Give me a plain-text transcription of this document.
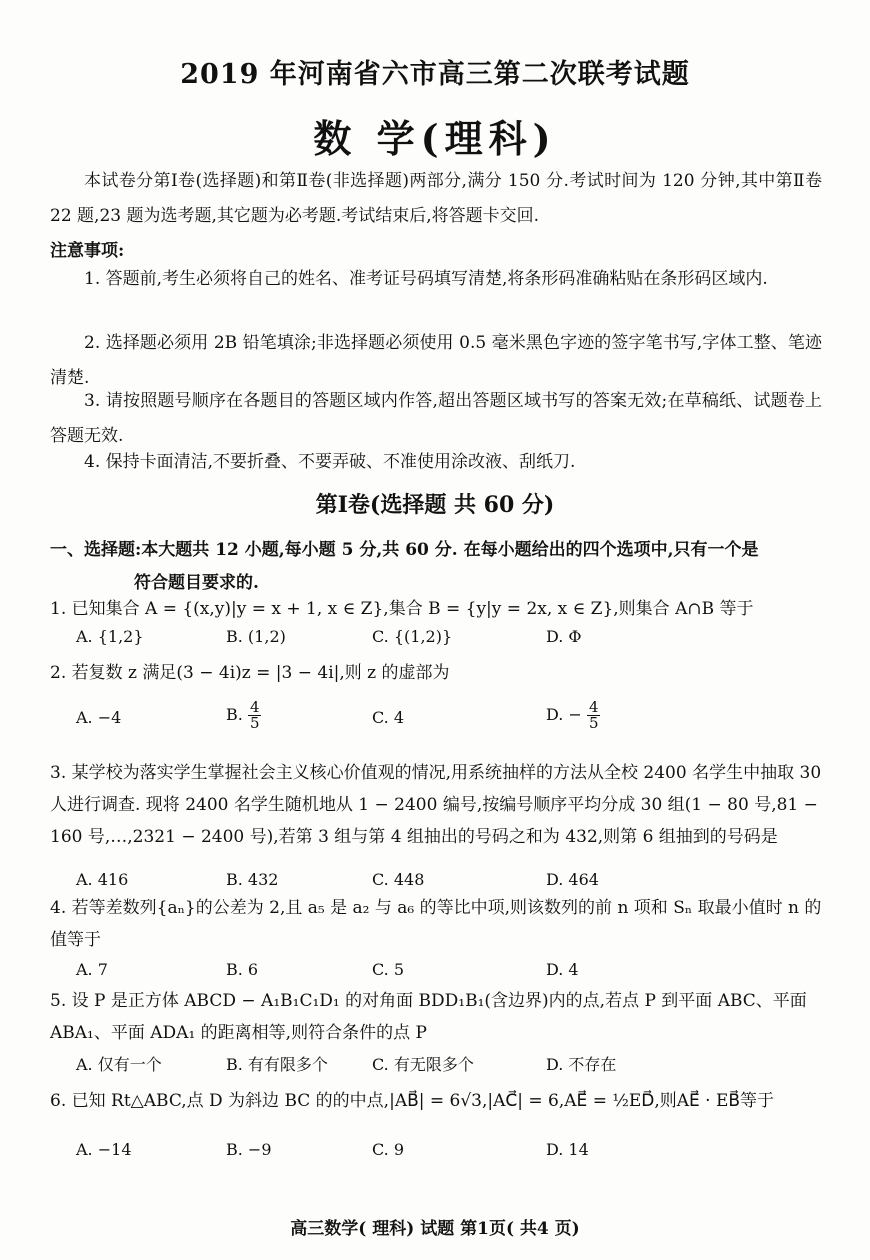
2019 年河南省六市高三第二次联考试题
数 学(理科)
本试卷分第Ⅰ卷(选择题)和第Ⅱ卷(非选择题)两部分,满分 150 分.考试时间为 120 分钟,其中第Ⅱ卷 22 题,23 题为选考题,其它题为必考题.考试结束后,将答题卡交回.
注意事项:
1. 答题前,考生必须将自己的姓名、准考证号码填写清楚,将条形码准确粘贴在条形码区域内.
2. 选择题必须用 2B 铅笔填涂;非选择题必须使用 0.5 毫米黑色字迹的签字笔书写,字体工整、笔迹清楚.
3. 请按照题号顺序在各题目的答题区域内作答,超出答题区域书写的答案无效;在草稿纸、试题卷上答题无效.
4. 保持卡面清洁,不要折叠、不要弄破、不准使用涂改液、刮纸刀.
第Ⅰ卷(选择题 共 60 分)
一、选择题:本大题共 12 小题,每小题 5 分,共 60 分. 在每小题给出的四个选项中,只有一个是
符合题目要求的.
1. 已知集合 A = {(x,y)|y = x + 1, x ∈ Z},集合 B = {y|y = 2x, x ∈ Z},则集合 A∩B 等于
A. {1,2}	B. (1,2)	C. {(1,2)}	D. Φ
2. 若复数 z 满足(3 − 4i)z = |3 − 4i|,则 z 的虚部为
A. −4	B. $\frac{4}{5}$	C. 4	D. − $\frac{4}{5}$
3. 某学校为落实学生掌握社会主义核心价值观的情况,用系统抽样的方法从全校 2400 名学生中抽取 30 人进行调查. 现将 2400 名学生随机地从 1 − 2400 编号,按编号顺序平均分成 30 组(1 − 80 号,81 − 160 号,…,2321 − 2400 号),若第 3 组与第 4 组抽出的号码之和为 432,则第 6 组抽到的号码是
A. 416	B. 432	C. 448	D. 464
4. 若等差数列{aₙ}的公差为 2,且 a₅ 是 a₂ 与 a₆ 的等比中项,则该数列的前 n 项和 Sₙ 取最小值时 n 的值等于
A. 7	B. 6	C. 5	D. 4
5. 设 P 是正方体 ABCD − A₁B₁C₁D₁ 的对角面 BDD₁B₁(含边界)内的点,若点 P 到平面 ABC、平面 ABA₁、平面 ADA₁ 的距离相等,则符合条件的点 P
A. 仅有一个	B. 有有限多个	C. 有无限多个	D. 不存在
6. 已知 Rt△ABC,点 D 为斜边 BC 的的中点,|AB⃗| = 6√3,|AC⃗| = 6,AE⃗ = ½ED⃗,则AE⃗ · EB⃗等于
A. −14	B. −9	C. 9	D. 14
高三数学( 理科) 试题 第1页( 共4 页)
